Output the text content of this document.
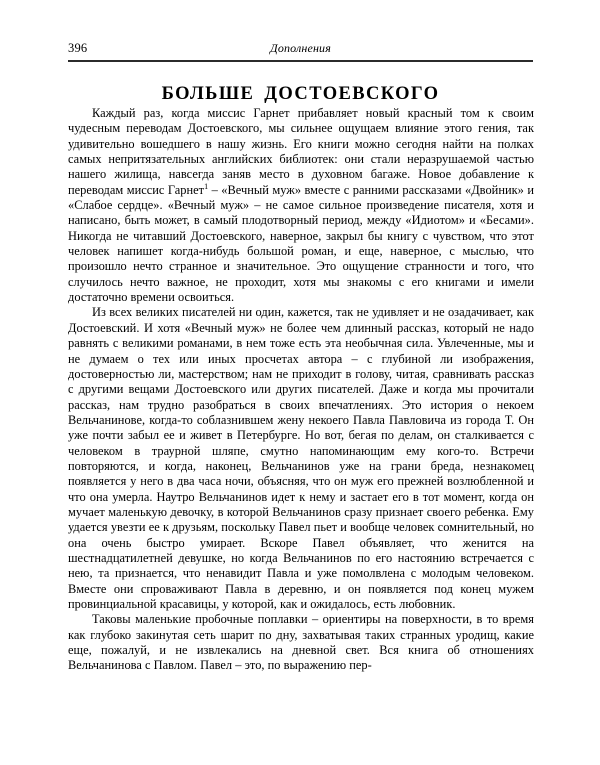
396	Дополнения
БОЛЬШЕ ДОСТОЕВСКОГО

Каждый раз, когда миссис Гарнет прибавляет новый красный том к своим чудесным переводам Достоевского, мы сильнее ощущаем влияние этого гения, так удивительно вошедшего в нашу жизнь. Его книги можно сегодня найти на полках самых непритязательных английских библиотек: они стали неразрушаемой частью нашего жилища, навсегда заняв место в духовном багаже. Новое добавление к переводам миссис Гарнет$^1$ – «Вечный муж» вместе с ранними рассказами «Двойник» и «Слабое сердце». «Вечный муж» – не самое сильное произведение писателя, хотя и написано, быть может, в самый плодотворный период, между «Идиотом» и «Бесами». Никогда не читавший Достоевского, наверное, закрыл бы книгу с чувством, что этот человек напишет когда-нибудь большой роман, и еще, наверное, с мыслью, что произошло нечто странное и значительное. Это ощущение странности и того, что случилось нечто важное, не проходит, хотя мы знакомы с его книгами и имели достаточно времени освоиться.

Из всех великих писателей ни один, кажется, так не удивляет и не озадачивает, как Достоевский. И хотя «Вечный муж» не более чем длинный рассказ, который не надо равнять с великими романами, в нем тоже есть эта необычная сила. Увлеченные, мы и не думаем о тех или иных просчетах автора – с глубиной ли изображения, достоверностью ли, мастерством; нам не приходит в голову, читая, сравнивать рассказ с другими вещами Достоевского или других писателей. Даже и когда мы прочитали рассказ, нам трудно разобраться в своих впечатлениях. Это история о некоем Вельчанинове, когда-то соблазнившем жену некоего Павла Павловича из города Т. Он уже почти забыл ее и живет в Петербурге. Но вот, бегая по делам, он сталкивается с человеком в траурной шляпе, смутно напоминающим ему кого-то. Встречи повторяются, и когда, наконец, Вельчанинов уже на грани бреда, незнакомец появляется у него в два часа ночи, объясняя, что он муж его прежней возлюбленной и что она умерла. Наутро Вельчанинов идет к нему и застает его в тот момент, когда он мучает маленькую девочку, в которой Вельчанинов сразу признает своего ребенка. Ему удается увезти ее к друзьям, поскольку Павел пьет и вообще человек сомнительный, но она очень быстро умирает. Вскоре Павел объявляет, что женится на шестнадцатилетней девушке, но когда Вельчанинов по его настоянию встречается с нею, та признается, что ненавидит Павла и уже помолвлена с молодым человеком. Вместе они спроваживают Павла в деревню, и он появляется под конец мужем провинциальной красавицы, у которой, как и ожидалось, есть любовник.

Таковы маленькие пробочные поплавки – ориентиры на поверхности, в то время как глубоко закинутая сеть шарит по дну, захватывая таких странных уродищ, какие еще, пожалуй, и не извлекались на дневной свет. Вся книга об отношениях Вельчанинова с Павлом. Павел – это, по выражению пер-
